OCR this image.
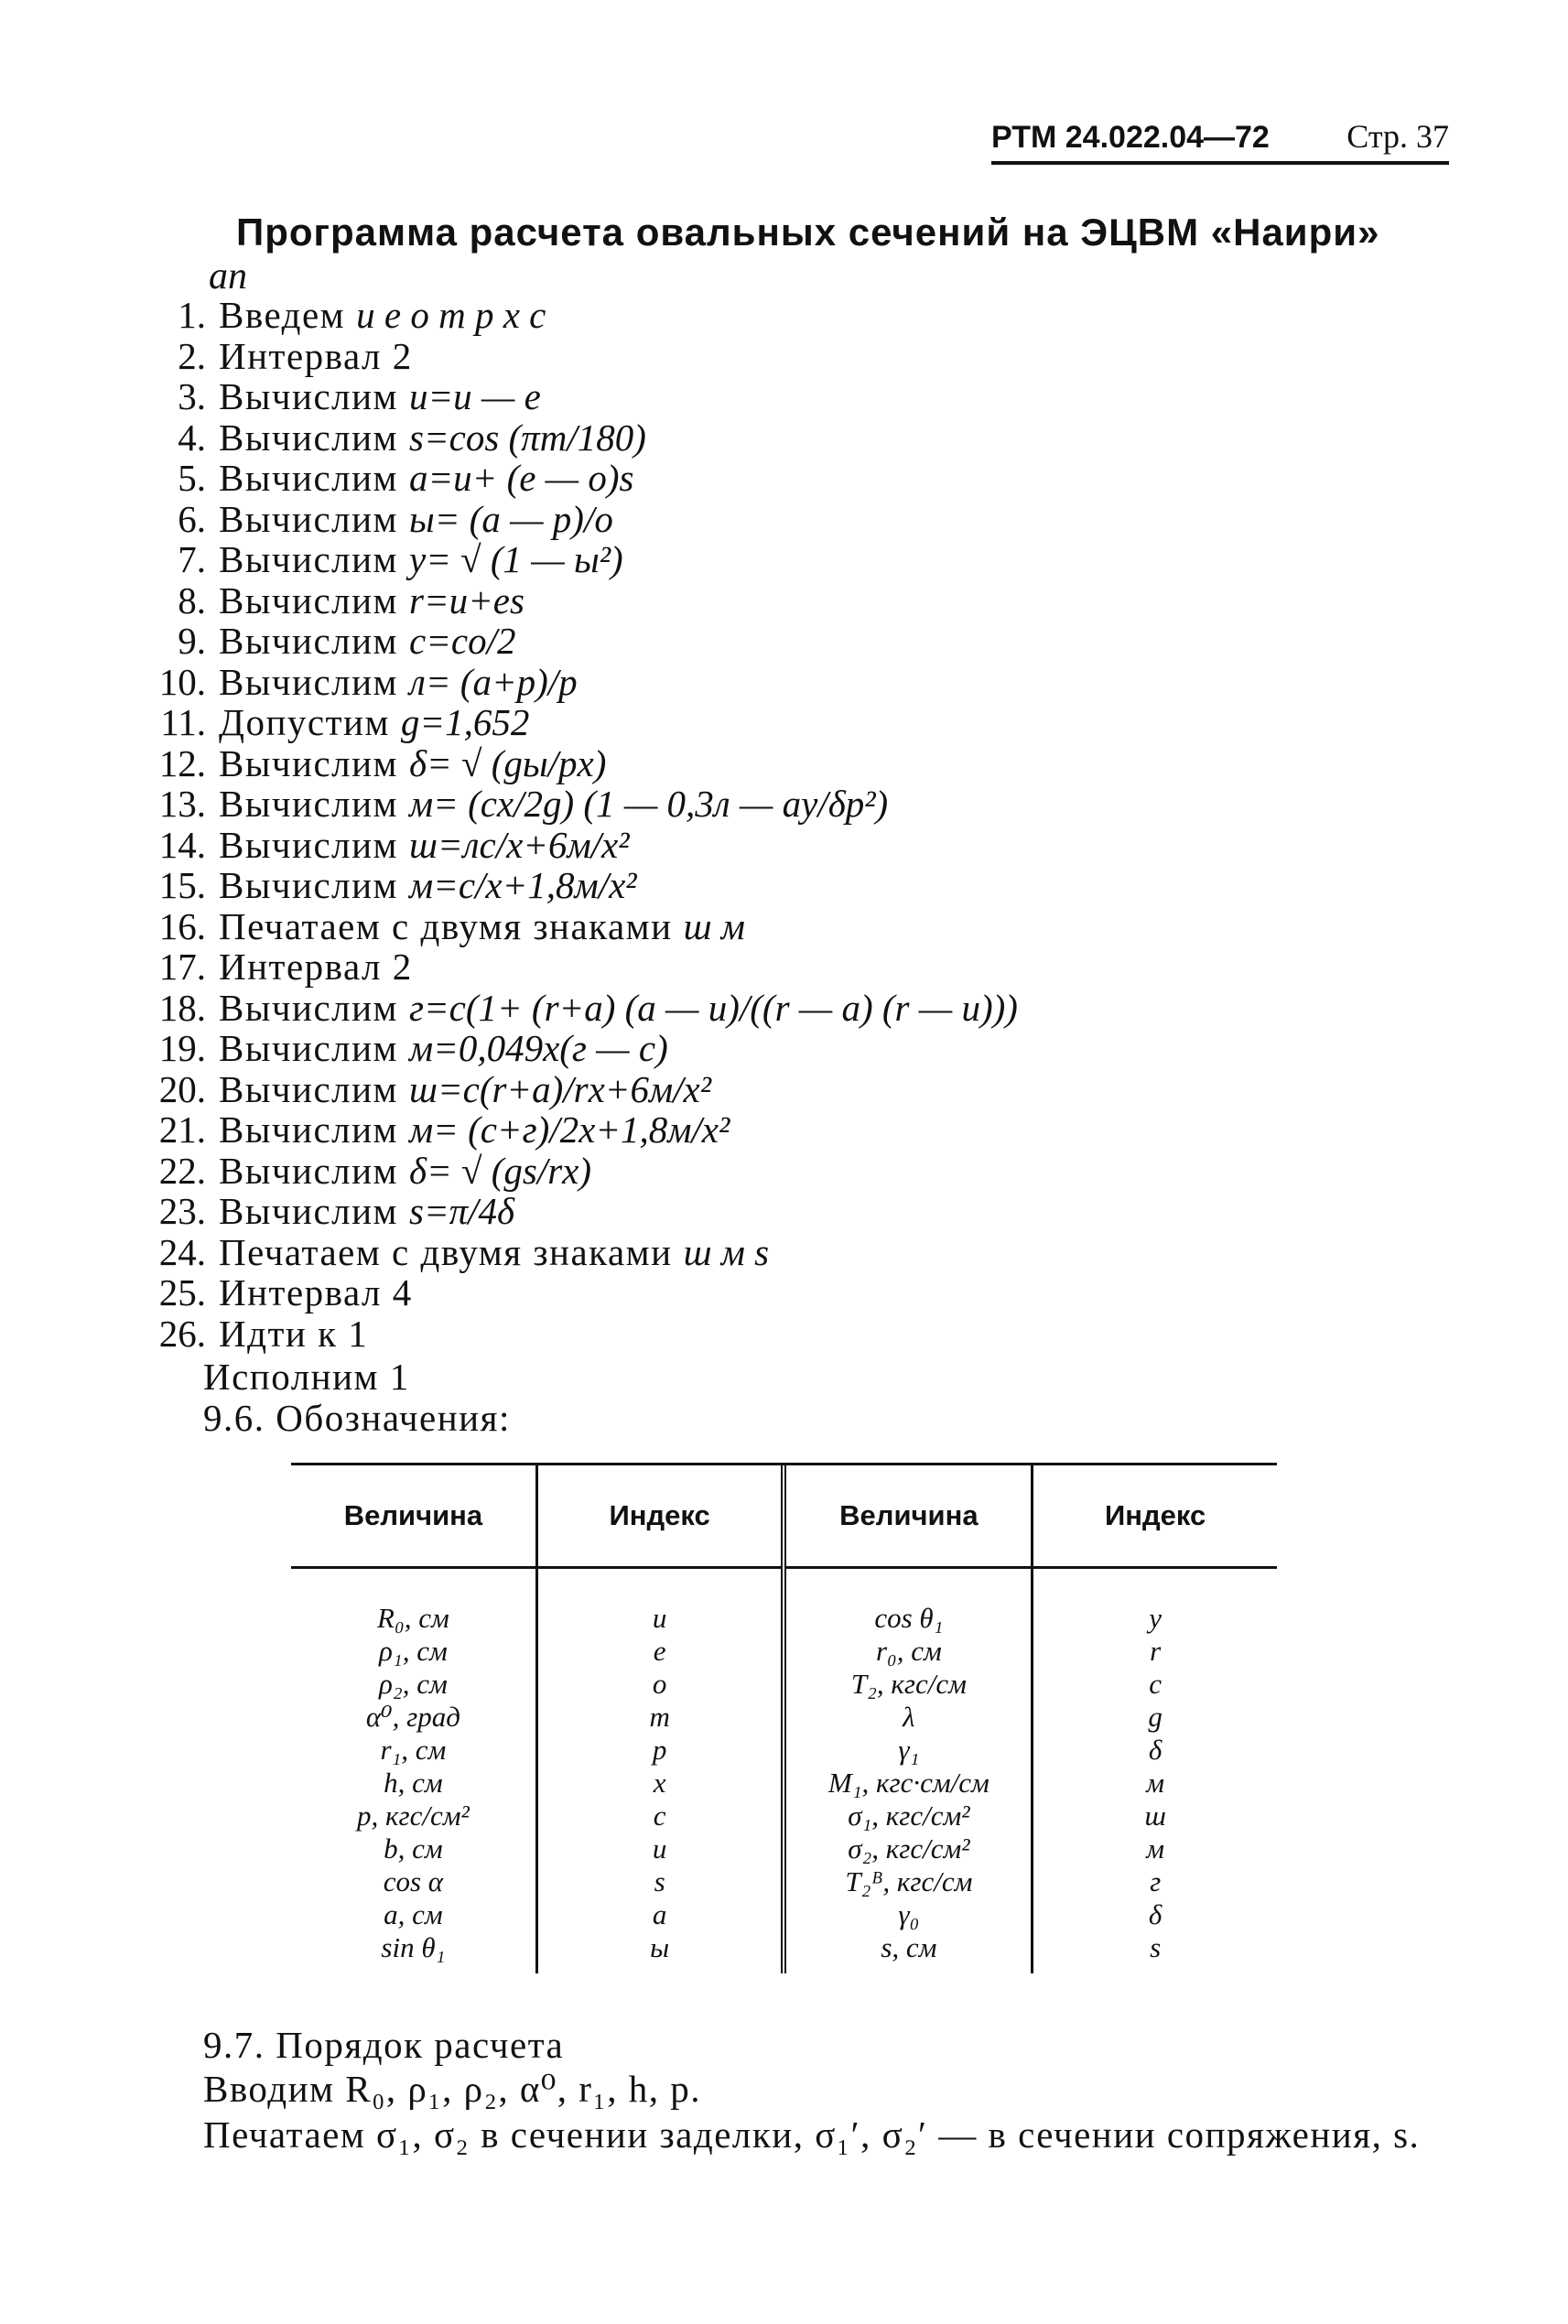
РТМ 24.022.04—72 Стр. 37
Программа расчета овальных сечений на ЭЦВМ «Наири»
ап
1. Введем и е о т р х с
2. Интервал 2
3. Вычислим u=u — e
4. Вычислим s=cos (πm/180)
5. Вычислим a=u+ (e — o)s
6. Вычислим ы= (a — p)/o
7. Вычислим y= √ (1 — ы²)
8. Вычислим r=u+es
9. Вычислим c=co/2
10. Вычислим л= (a+p)/p
11. Допустим g=1,652
12. Вычислим δ= √ (gы/px)
13. Вычислим м= (cx/2g) (1 — 0,3л — ay/δp²)
14. Вычислим ш=лc/x+6м/x²
15. Вычислим м=c/x+1,8м/x²
16. Печатаем с двумя знаками ш м
17. Интервал 2
18. Вычислим г=c(1+ (r+a) (a — u)/((r — a) (r — u)))
19. Вычислим м=0,049x(г — c)
20. Вычислим ш=c(r+a)/rx+6м/x²
21. Вычислим м= (c+г)/2x+1,8м/x²
22. Вычислим δ= √ (gs/rx)
23. Вычислим s=π/4δ
24. Печатаем с двумя знаками ш м s
25. Интервал 4
26. Идти к 1
Исполним 1
9.6. Обозначения:
Величина	Индекс	Величина	Индекс
R₀, см	u	cos θ₁	y
ρ₁, см	e	r₀, см	r
ρ₂, см	o	T₂, кгс/см	c
α⁰, град	m	λ	g
r₁, см	p	γ₁	δ
h, см	x	M₁, кгс·см/см	м
p, кгс/см²	c	σ₁, кгс/см²	ш
b, см	u	σ₂, кгс/см²	м
cos α	s	T₂ᴮ, кгс/см	г
a, см	a	γ₀	δ
sin θ₁	ы	s, см	s
9.7. Порядок расчета
Вводим R₀, ρ₁, ρ₂, α⁰, r₁, h, p.
Печатаем σ₁, σ₂ в сечении заделки, σ₁′, σ₂′ — в сечении сопряжения, s.
